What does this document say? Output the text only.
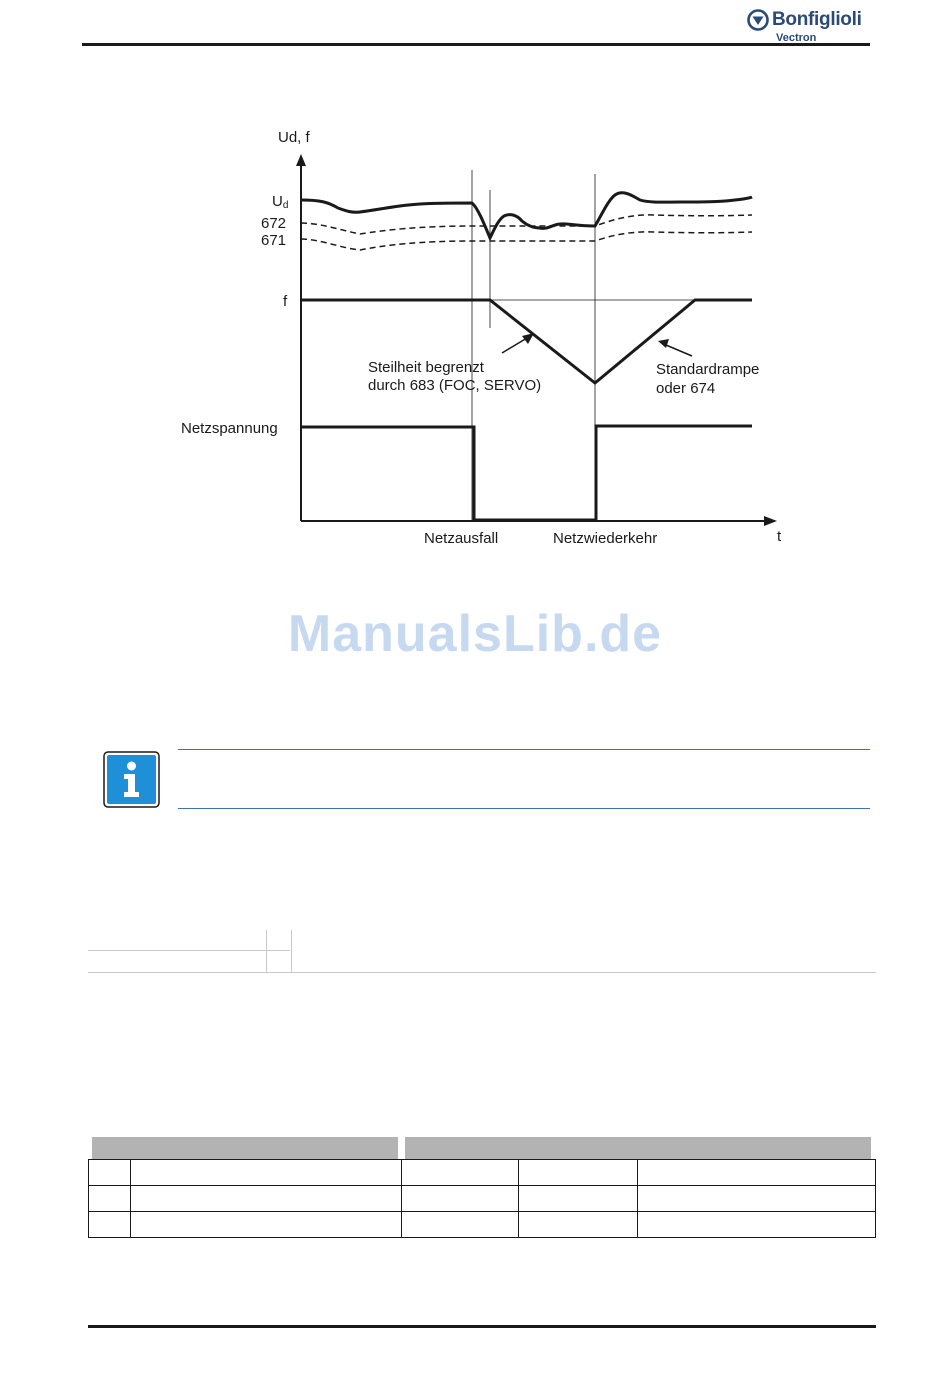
Bonfiglioli
Vectron
Ud, f
t
Ud
672
671
f
Netzspannung
Steilheit begrenzt
durch 683 (FOC, SERVO)
Standardrampe
oder 674
Netzausfall	Netzwiederkehr
ManualsLib.de
